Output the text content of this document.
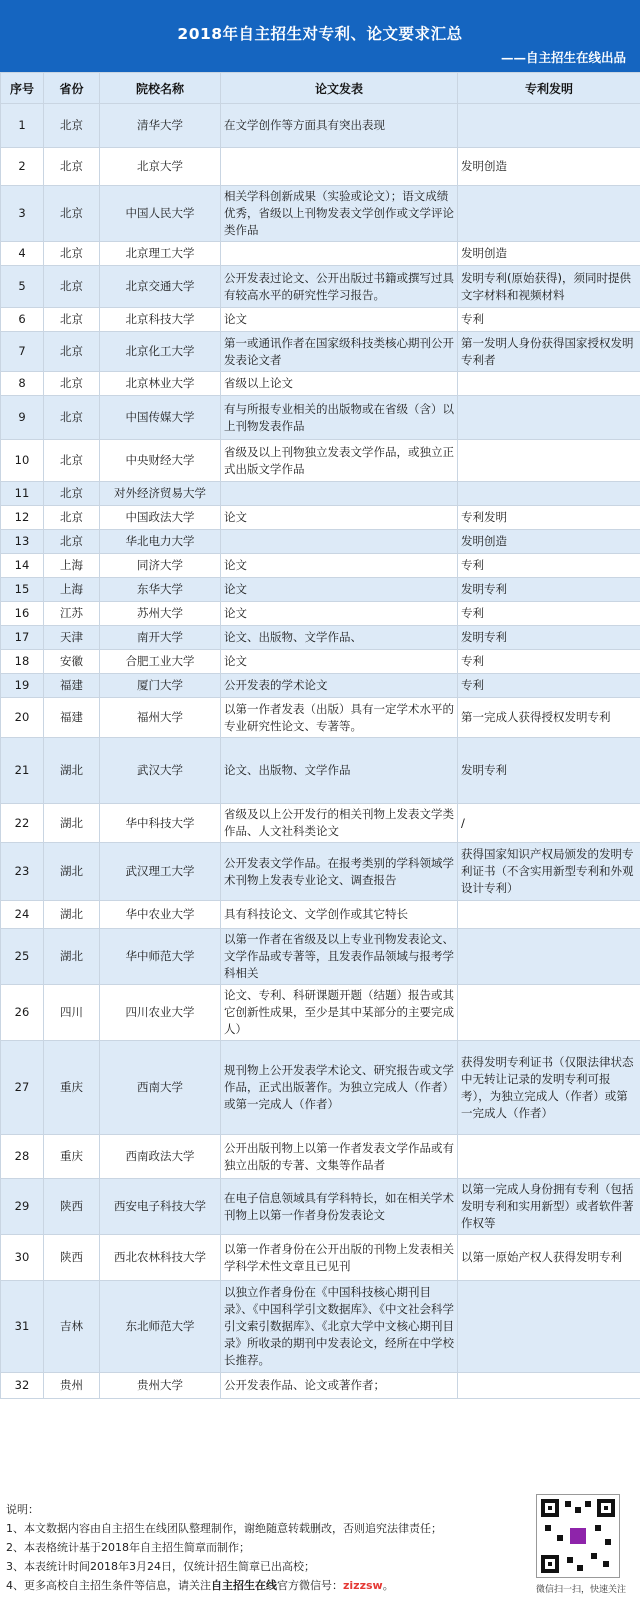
2018年自主招生对专利、论文要求汇总
——自主招生在线出品
序号	省份	院校名称	论文发表	专利发明
1	北京	清华大学	在文学创作等方面具有突出表现	
2	北京	北京大学		发明创造
3	北京	中国人民大学	相关学科创新成果（实验或论文）；语文成绩优秀，省级以上刊物发表文学创作或文学评论类作品	
4	北京	北京理工大学		发明创造
5	北京	北京交通大学	公开发表过论文、公开出版过书籍或撰写过具有较高水平的研究性学习报告。	发明专利(原始获得)，须同时提供文字材料和视频材料
6	北京	北京科技大学	论文	专利
7	北京	北京化工大学	第一或通讯作者在国家级科技类核心期刊公开发表论文者	第一发明人身份获得国家授权发明专利者
8	北京	北京林业大学	省级以上论文	
9	北京	中国传媒大学	有与所报专业相关的出版物或在省级（含）以上刊物发表作品	
10	北京	中央财经大学	省级及以上刊物独立发表文学作品，或独立正式出版文学作品	
11	北京	对外经济贸易大学		
12	北京	中国政法大学	论文	专利发明
13	北京	华北电力大学		发明创造
14	上海	同济大学	论文	专利
15	上海	东华大学	论文	发明专利
16	江苏	苏州大学	论文	专利
17	天津	南开大学	论文、出版物、文学作品、	发明专利
18	安徽	合肥工业大学	论文	专利
19	福建	厦门大学	公开发表的学术论文	专利
20	福建	福州大学	以第一作者发表（出版）具有一定学术水平的专业研究性论文、专著等。	第一完成人获得授权发明专利
21	湖北	武汉大学	论文、出版物、文学作品	发明专利
22	湖北	华中科技大学	省级及以上公开发行的相关刊物上发表文学类作品、人文社科类论文	/
23	湖北	武汉理工大学	公开发表文学作品。在报考类别的学科领域学术刊物上发表专业论文、调查报告	获得国家知识产权局颁发的发明专利证书（不含实用新型专利和外观设计专利）
24	湖北	华中农业大学	具有科技论文、文学创作或其它特长	
25	湖北	华中师范大学	以第一作者在省级及以上专业刊物发表论文、文学作品或专著等，且发表作品领域与报考学科相关	
26	四川	四川农业大学	论文、专利、科研课题开题（结题）报告或其它创新性成果，至少是其中某部分的主要完成人）	
27	重庆	西南大学	规刊物上公开发表学术论文、研究报告或文学作品，正式出版著作。为独立完成人（作者）或第一完成人（作者）	获得发明专利证书（仅限法律状态中无转让记录的发明专利可报考），为独立完成人（作者）或第一完成人（作者）
28	重庆	西南政法大学	公开出版刊物上以第一作者发表文学作品或有独立出版的专著、文集等作品者	
29	陕西	西安电子科技大学	在电子信息领域具有学科特长，如在相关学术刊物上以第一作者身份发表论文	以第一完成人身份拥有专利（包括发明专利和实用新型）或者软件著作权等
30	陕西	西北农林科技大学	以第一作者身份在公开出版的刊物上发表相关学科学术性文章且已见刊	以第一原始产权人获得发明专利
31	吉林	东北师范大学	以独立作者身份在《中国科技核心期刊目录》、《中国科学引文数据库》、《中文社会科学引文索引数据库》、《北京大学中文核心期刊目录》所收录的期刊中发表论文，经所在中学校长推荐。	
32	贵州	贵州大学	公开发表作品、论文或著作者；	
说明：
1、本文数据内容由自主招生在线团队整理制作，谢绝随意转载删改，否则追究法律责任；
2、本表格统计基于2018年自主招生简章而制作；
3、本表统计时间2018年3月24日，仅统计招生简章已出高校；
4、更多高校自主招生条件等信息，请关注自主招生在线官方微信号：zizzsw。	微信扫一扫，快速关注
